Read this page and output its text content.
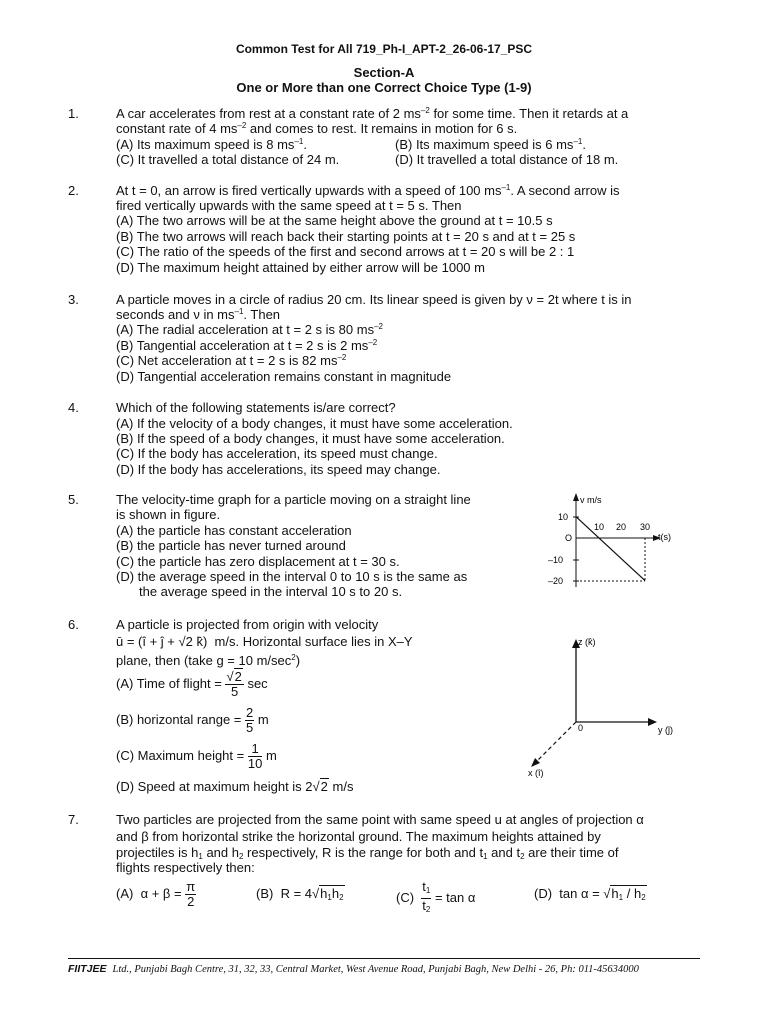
Common Test for All 719_Ph-I_APT-2_26-06-17_PSC
Section-A
One or More than one Correct Choice Type (1-9)
1.	A car accelerates from rest at a constant rate of 2 $ms^{-2}$ for some time. Then it retards at a
constant rate of 4 $ms^{-2}$ and comes to rest. It remains in motion for 6 s.
(A) Its maximum speed is 8 $ms^{-1}$.	(B) Its maximum speed is 6 $ms^{-1}$.
(C) It travelled a total distance of 24 m.	(D) It travelled a total distance of 18 m.
2.	At t = 0, an arrow is fired vertically upwards with a speed of 100 $ms^{-1}$. A second arrow is
fired vertically upwards with the same speed at t = 5 s. Then
(A) The two arrows will be at the same height above the ground at t = 10.5 s
(B) The two arrows will reach back their starting points at t = 20 s and at t = 25 s
(C) The ratio of the speeds of the first and second arrows at t = 20 s will be 2 : 1
(D) The maximum height attained by either arrow will be 1000 m
3.	A particle moves in a circle of radius 20 cm. Its linear speed is given by ν = 2t where t is in
seconds and ν in $ms^{-1}$. Then
(A) The radial acceleration at t = 2 s is 80 $ms^{-2}$
(B) Tangential acceleration at t = 2 s is 2 $ms^{-2}$
(C) Net acceleration at t = 2 s is 82 $ms^{-2}$
(D) Tangential acceleration remains constant in magnitude
4.	Which of the following statements is/are correct?
(A) If the velocity of a body changes, it must have some acceleration.
(B) If the speed of a body changes, it must have some acceleration.
(C) If the body has acceleration, its speed must change.
(D) If the body has accelerations, its speed may change.
5.	The velocity-time graph for a particle moving on a straight line
is shown in figure.
(A) the particle has constant acceleration
(B) the particle has never turned around
(C) the particle has zero displacement at t = 30 s.
(D) the average speed in the interval 0 to 10 s is the same as
the average speed in the interval 10 s to 20 s.
v m/s
t(s)
O
10
–10
–20
10 20 30
6.	A particle is projected from origin with velocity
ū = (î + ĵ + √2 k̂)  m/s. Horizontal surface lies in X–Y
plane, then (take g = 10 $m/\sec^2$)
(A) Time of flight = $\frac{√2}{5}$ sec
(B) horizontal range = $\frac{2}{5}$ m
(C) Maximum height = $\frac{1}{10}$ m
(D) Speed at maximum height is 2√2 m/s
z (k̂)
y (ĵ)
x (î)
0
7.	Two particles are projected from the same point with same speed u at angles of projection α
and β from horizontal strike the horizontal ground. The maximum heights attained by
projectiles is $h_1$ and $h_2$ respectively, R is the range for both and $t_1$ and $t_2$ are their time of
flights respectively then:
(A)  $\alpha + \beta = \frac{\pi}{2}$	(B)  $R = 4√h_1h_2$	$(C) \frac{t_1}{t_2} = \tan \alpha$	(D)  $\tan \alpha = √h_1 / h_2$
FIITJEE Ltd., Punjabi Bagh Centre, 31, 32, 33, Central Market, West Avenue Road, Punjabi Bagh, New Delhi - 26, Ph: 011-45634000
